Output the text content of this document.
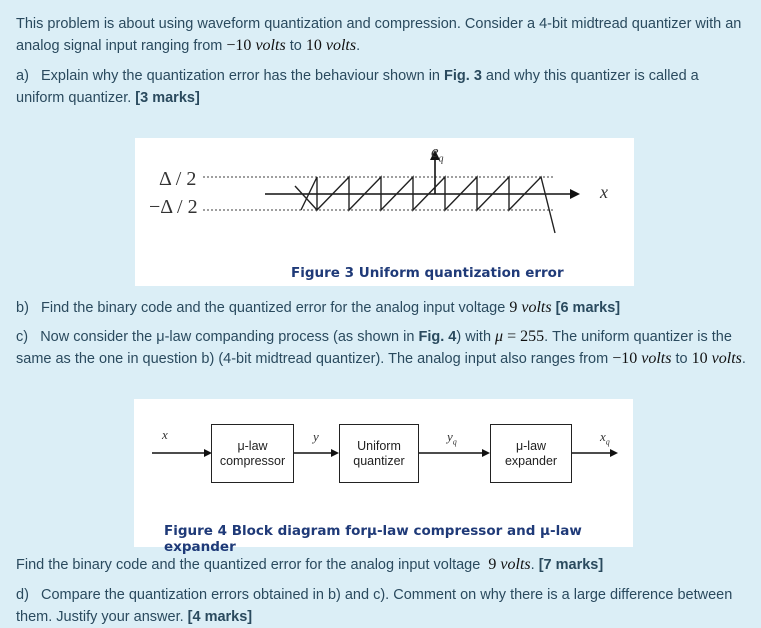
This problem is about using waveform quantization and compression. Consider a 4-bit midtread quantizer with an analog signal input ranging from −10 volts to 10 volts.

a) Explain why the quantization error has the behaviour shown in Fig. 3 and why this quantizer is called a uniform quantizer. [3 marks]

Δ / 2
−Δ / 2
x
$e_q$
Figure 3 Uniform quantization error

b) Find the binary code and the quantized error for the analog input voltage 9 volts [6 marks]

c) Now consider the μ-law companding process (as shown in Fig. 4) with μ = 255. The uniform quantizer is the same as the one in question b) (4-bit midtread quantizer). The analog input also ranges from −10 volts to 10 volts.

μ-law compressor
Uniform quantizer
μ-law expander
x	y	$y_q$	$x_q$
Figure 4 Block diagram forμ-law compressor and μ-law expander

Find the binary code and the quantized error for the analog input voltage  9 volts. [7 marks]

d) Compare the quantization errors obtained in b) and c). Comment on why there is a large difference between them. Justify your answer. [4 marks]
